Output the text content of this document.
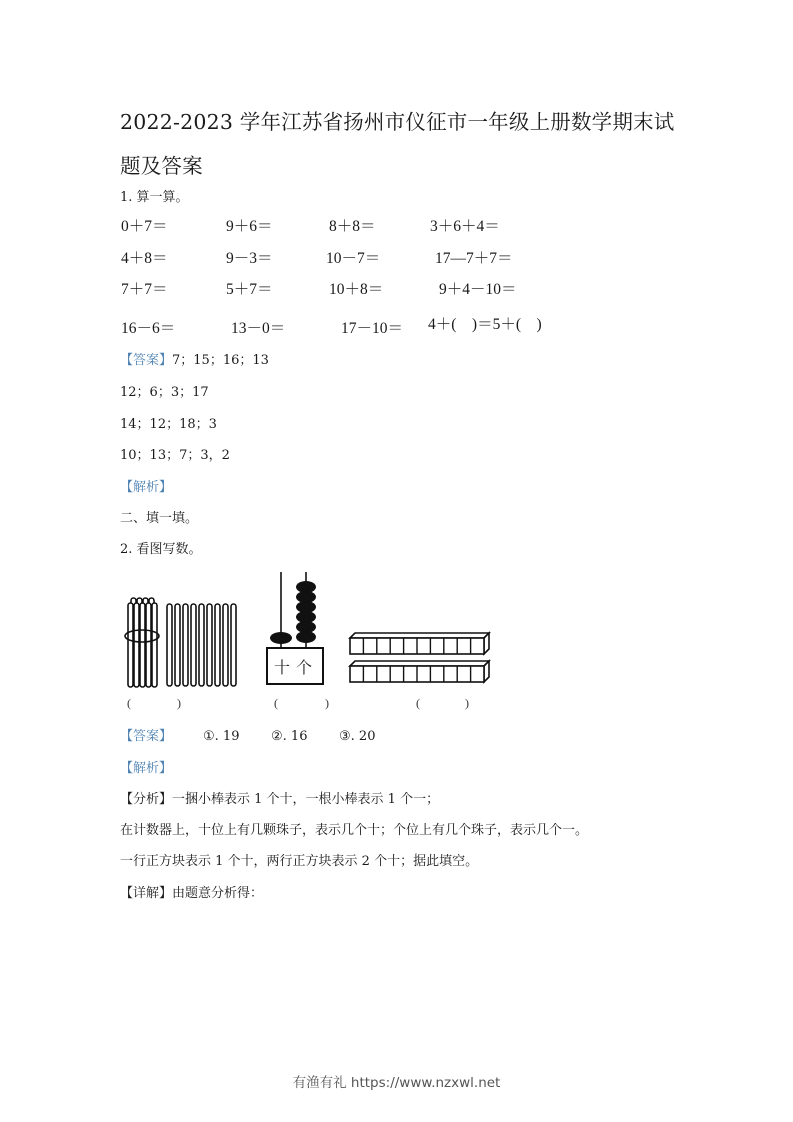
2022-2023 学年江苏省扬州市仪征市一年级上册数学期末试
题及答案
1. 算一算。
0＋7＝	9＋6＝	8＋8＝	3＋6＋4＝
4＋8＝	9－3＝	10－7＝	17—7＋7＝
7＋7＝	5＋7＝	10＋8＝	9＋4－10＝
16－6＝	13－0＝	17－10＝ 4＋(　)＝5＋(　)
【答案】7；15；16；13
12；6；3；17
14；12；18；3
10；13；7；3，2
【解析】
二、填一填。
2. 看图写数。
十 个
(	)	(	)	(	)
【答案】 ①. 19 ②. 16 ③. 20
【解析】
【分析】一捆小棒表示 1 个十，一根小棒表示 1 个一；
在计数器上，十位上有几颗珠子，表示几个十；个位上有几个珠子，表示几个一。
一行正方块表示 1 个十，两行正方块表示 2 个十；据此填空。
【详解】由题意分析得：
有渔有礼 https://www.nzxwl.net
